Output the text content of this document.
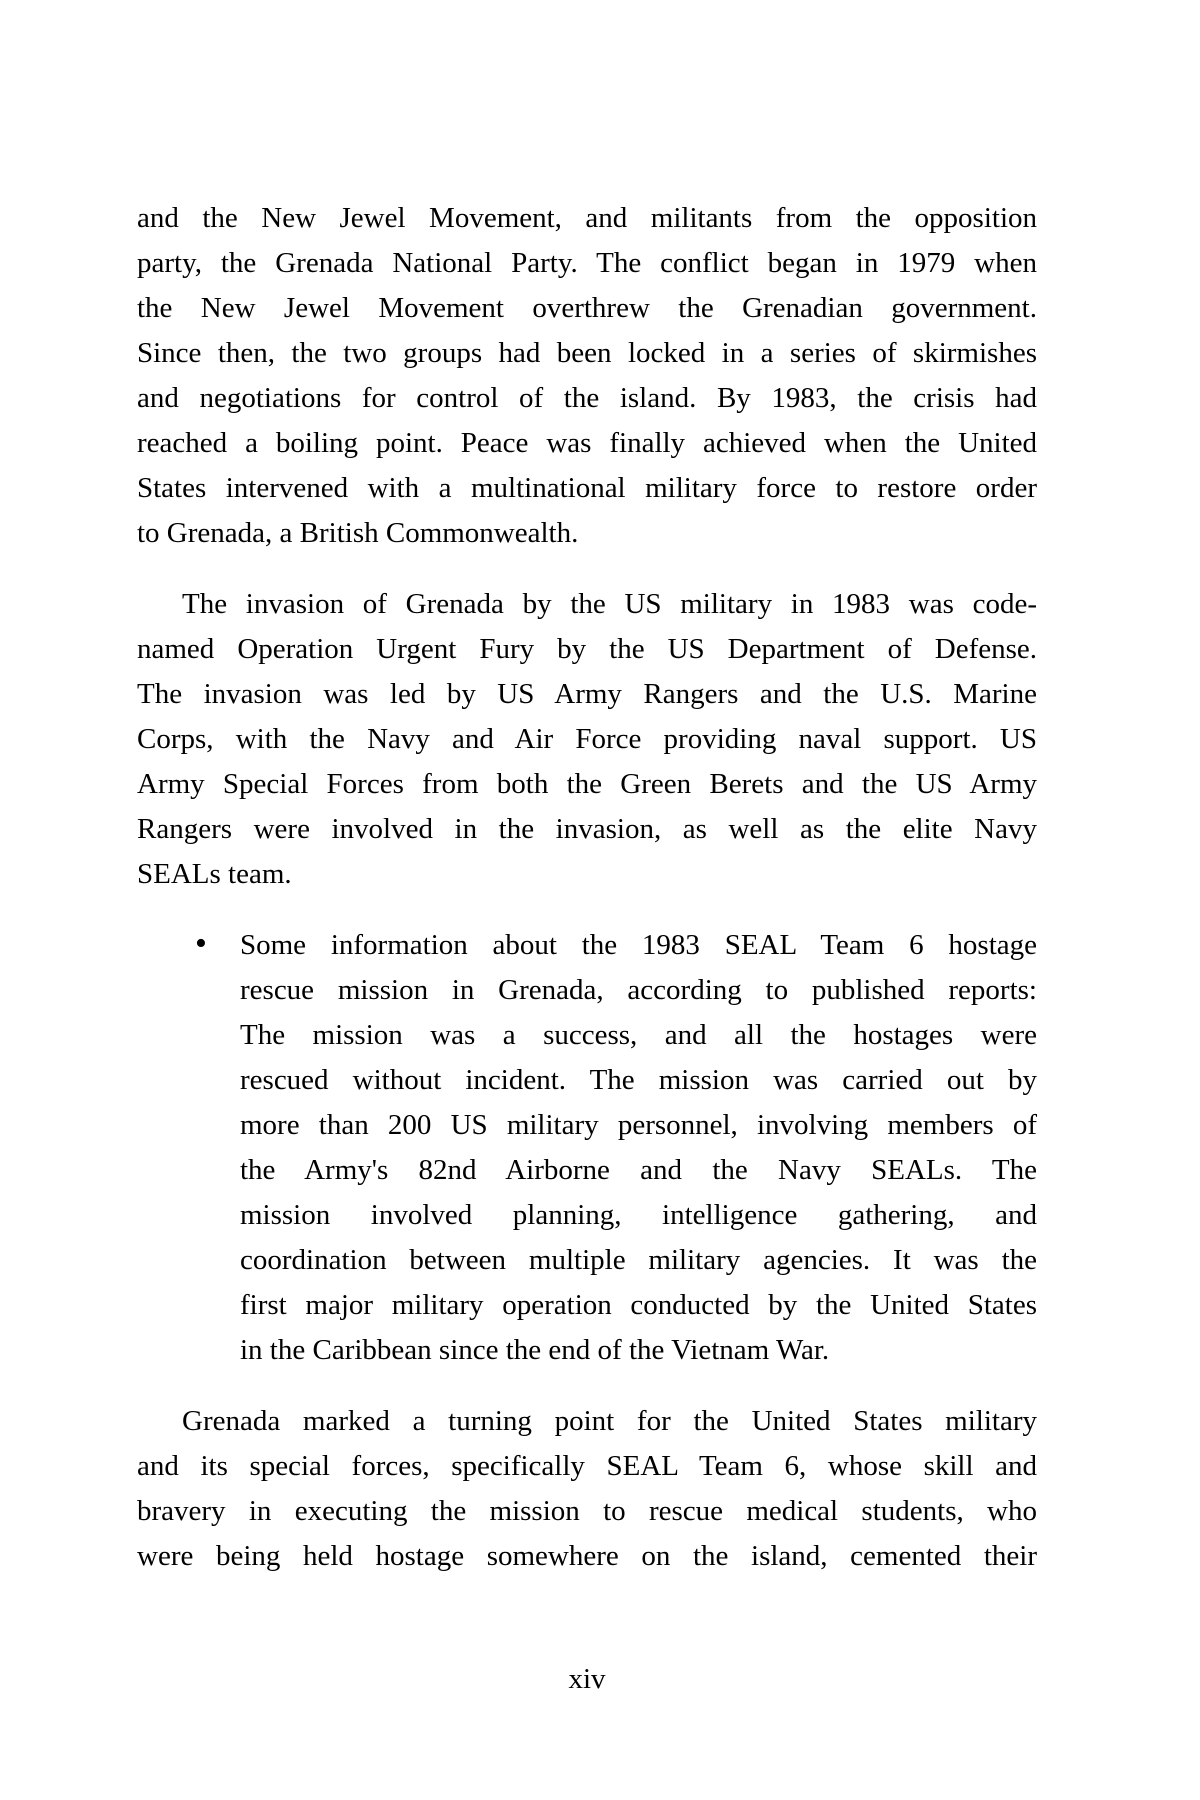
and the New Jewel Movement, and militants from the opposition
party, the Grenada National Party. The conflict began in 1979 when
the New Jewel Movement overthrew the Grenadian government.
Since then, the two groups had been locked in a series of skirmishes
and negotiations for control of the island. By 1983, the crisis had
reached a boiling point. Peace was finally achieved when the United
States intervened with a multinational military force to restore order
to Grenada, a British Commonwealth.
The invasion of Grenada by the US military in 1983 was code-
named Operation Urgent Fury by the US Department of Defense.
The invasion was led by US Army Rangers and the U.S. Marine
Corps, with the Navy and Air Force providing naval support. US
Army Special Forces from both the Green Berets and the US Army
Rangers were involved in the invasion, as well as the elite Navy
SEALs team.
• Some information about the 1983 SEAL Team 6 hostage
rescue mission in Grenada, according to published reports:
The mission was a success, and all the hostages were
rescued without incident. The mission was carried out by
more than 200 US military personnel, involving members of
the Army's 82nd Airborne and the Navy SEALs. The
mission involved planning, intelligence gathering, and
coordination between multiple military agencies. It was the
first major military operation conducted by the United States
in the Caribbean since the end of the Vietnam War.
Grenada marked a turning point for the United States military
and its special forces, specifically SEAL Team 6, whose skill and
bravery in executing the mission to rescue medical students, who
were being held hostage somewhere on the island, cemented their
xiv
